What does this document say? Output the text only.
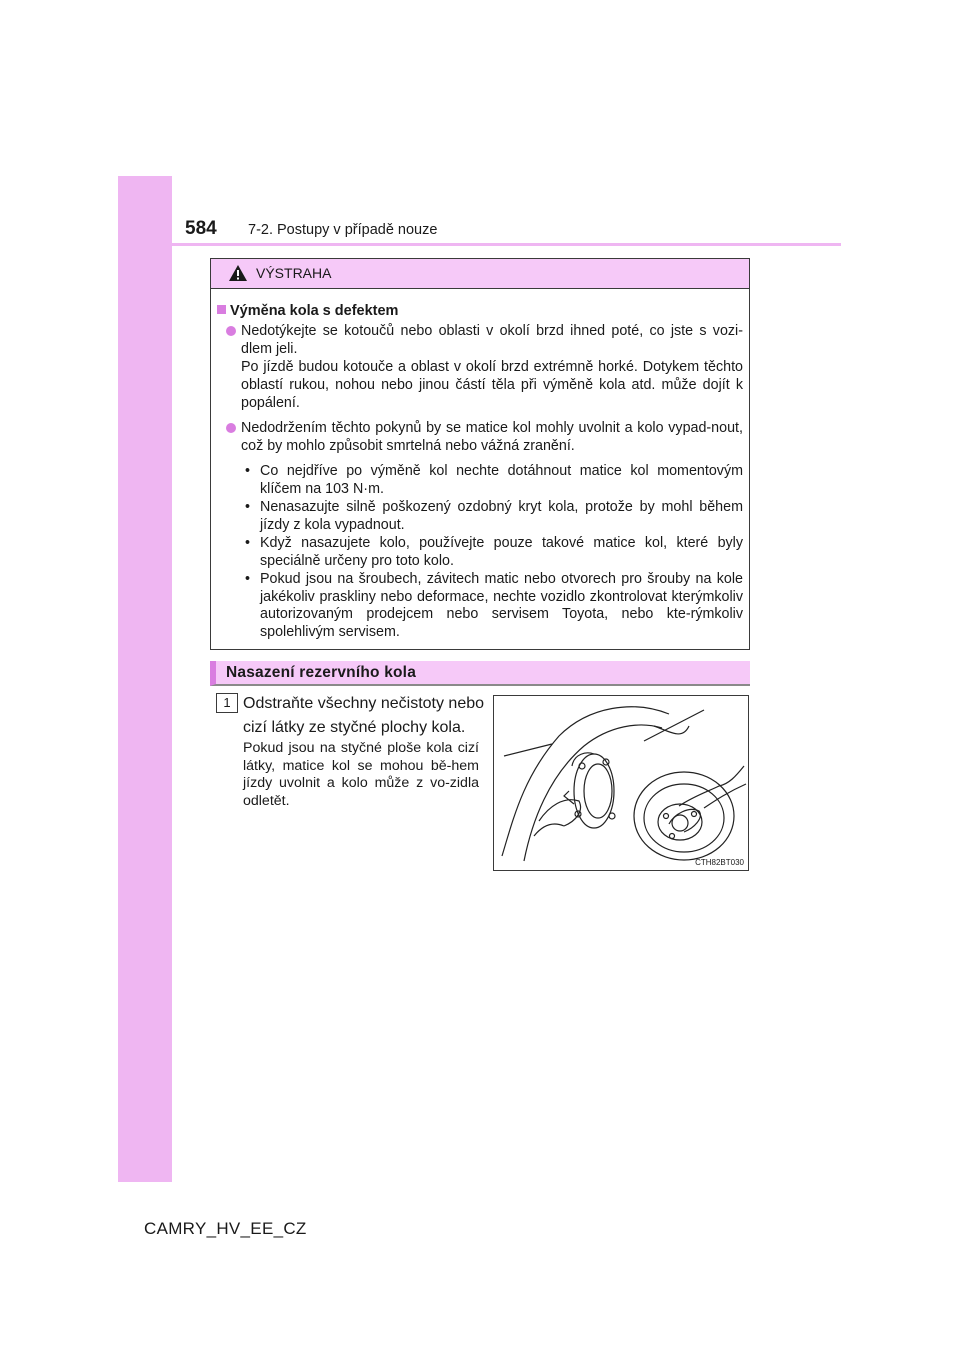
584 7-2. Postupy v případě nouze
VÝSTRAHA
Výměna kola s defektem
Nedotýkejte se kotoučů nebo oblasti v okolí brzd ihned poté, co jste s vozi-dlem jeli.
Po jízdě budou kotouče a oblast v okolí brzd extrémně horké. Dotykem těchto oblastí rukou, nohou nebo jinou částí těla při výměně kola atd. může dojít k popálení.
Nedodržením těchto pokynů by se matice kol mohly uvolnit a kolo vypad-nout, což by mohlo způsobit smrtelná nebo vážná zranění.
• Co nejdříve po výměně kol nechte dotáhnout matice kol momentovým klíčem na 103 N·m.
• Nenasazujte silně poškozený ozdobný kryt kola, protože by mohl během jízdy z kola vypadnout.
• Když nasazujete kolo, používejte pouze takové matice kol, které byly speciálně určeny pro toto kolo.
• Pokud jsou na šroubech, závitech matic nebo otvorech pro šrouby na kole jakékoliv praskliny nebo deformace, nechte vozidlo zkontrolovat kterýmkoliv autorizovaným prodejcem nebo servisem Toyota, nebo kte-rýmkoliv spolehlivým servisem.
Nasazení rezervního kola
1 Odstraňte všechny nečistoty nebo cizí látky ze styčné plochy kola.
Pokud jsou na styčné ploše kola cizí látky, matice kol se mohou bě-hem jízdy uvolnit a kolo může z vo-zidla odletět.
CTH82BT030
CAMRY_HV_EE_CZ
